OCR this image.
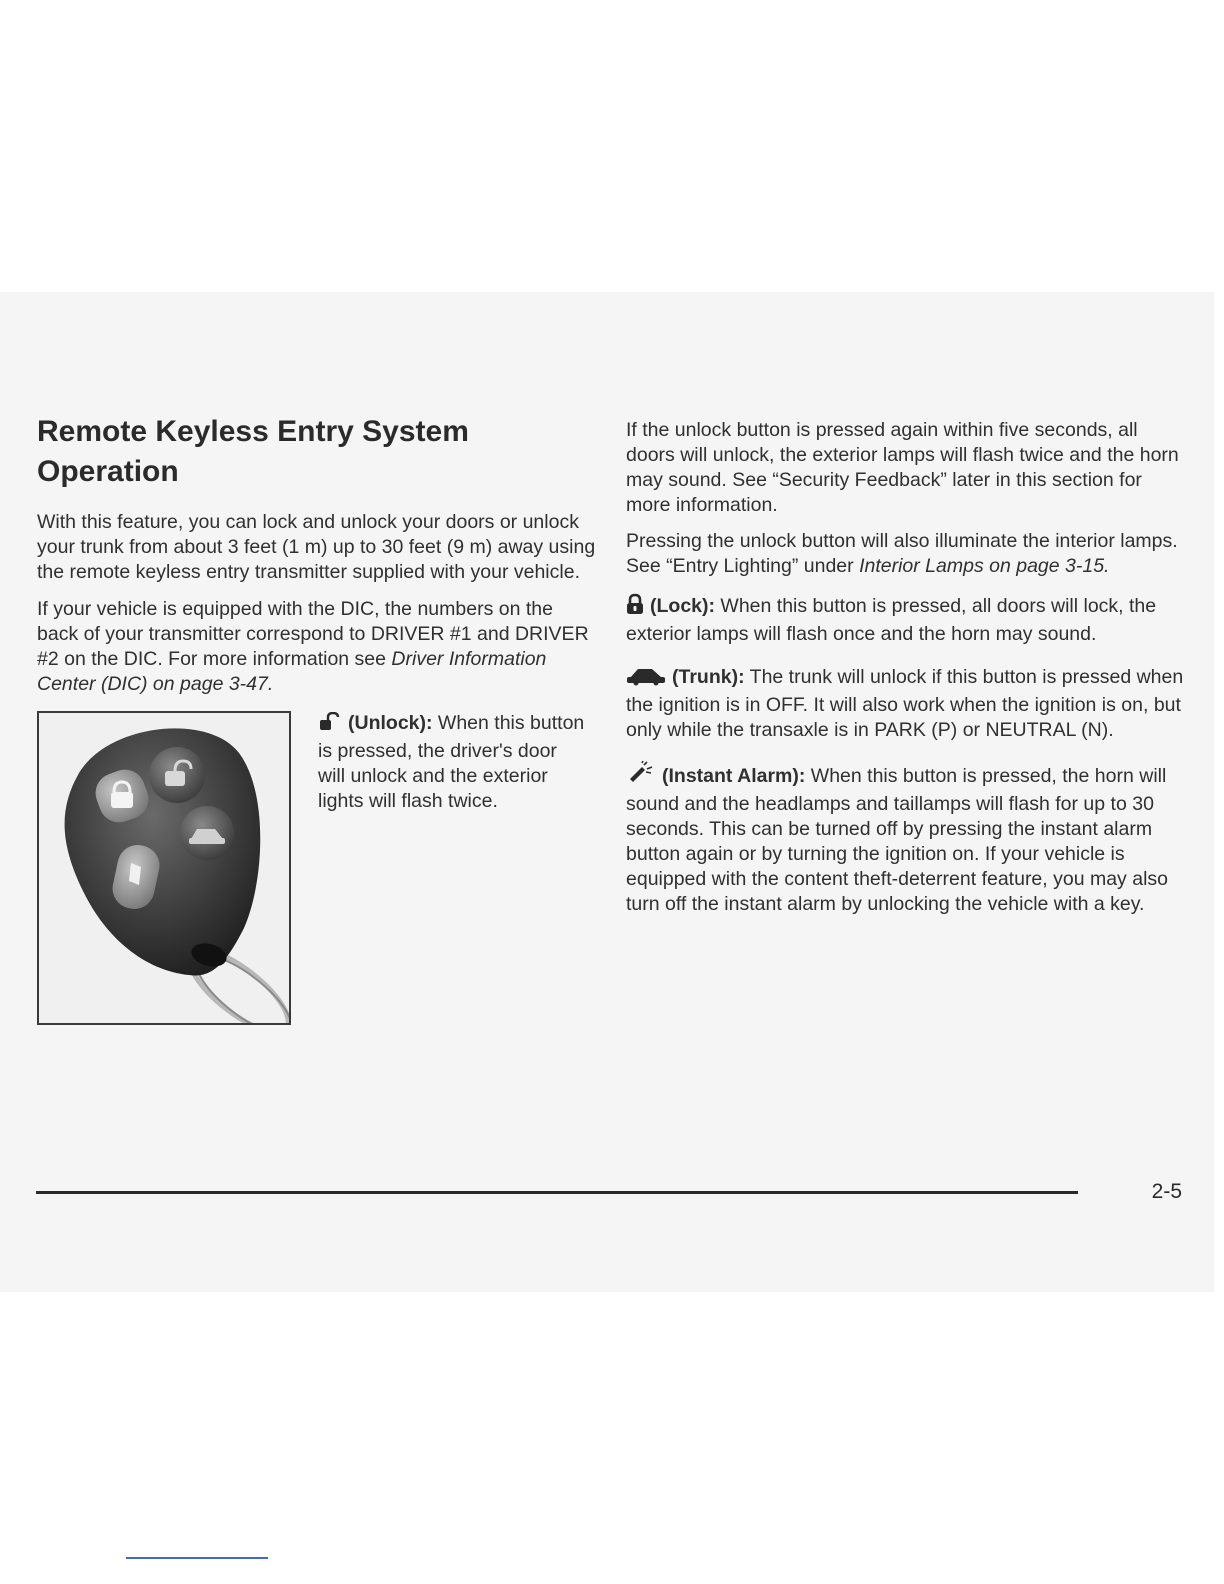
Remote Keyless Entry System Operation

With this feature, you can lock and unlock your doors or unlock your trunk from about 3 feet (1 m) up to 30 feet (9 m) away using the remote keyless entry transmitter supplied with your vehicle.

If your vehicle is equipped with the DIC, the numbers on the back of your transmitter correspond to DRIVER #1 and DRIVER #2 on the DIC. For more information see Driver Information Center (DIC) on page 3-47.

(Unlock): When this button is pressed, the driver's door will unlock and the exterior lights will flash twice.

If the unlock button is pressed again within five seconds, all doors will unlock, the exterior lamps will flash twice and the horn may sound. See “Security Feedback” later in this section for more information.

Pressing the unlock button will also illuminate the interior lamps. See “Entry Lighting” under Interior Lamps on page 3-15.

(Lock): When this button is pressed, all doors will lock, the exterior lamps will flash once and the horn may sound.

(Trunk): The trunk will unlock if this button is pressed when the ignition is in OFF. It will also work when the ignition is on, but only while the transaxle is in PARK (P) or NEUTRAL (N).

(Instant Alarm): When this button is pressed, the horn will sound and the headlamps and taillamps will flash for up to 30 seconds. This can be turned off by pressing the instant alarm button again or by turning the ignition on. If your vehicle is equipped with the content theft-deterrent feature, you may also turn off the instant alarm by unlocking the vehicle with a key.

2-5
